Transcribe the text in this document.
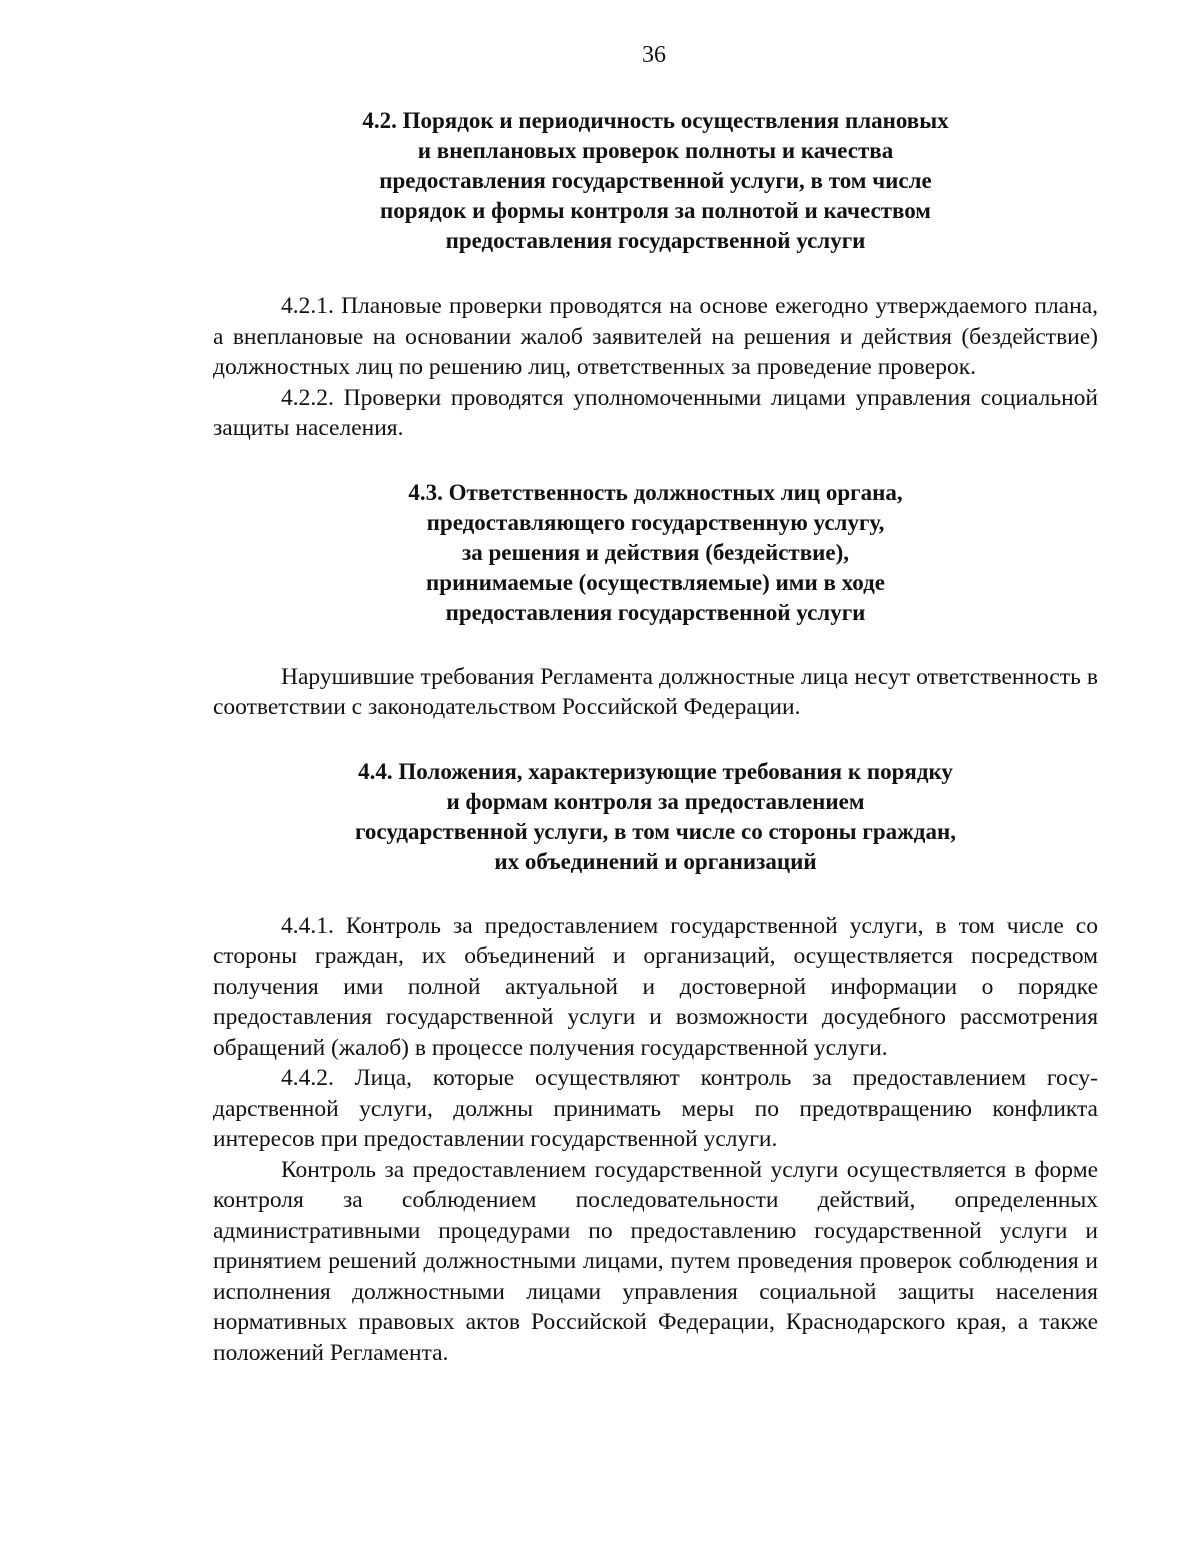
36
4.2. Порядок и периодичность осуществления плановых
и внеплановых проверок полноты и качества
предоставления государственной услуги, в том числе
порядок и формы контроля за полнотой и качеством
предоставления государственной услуги

4.2.1. Плановые проверки проводятся на основе ежегодно утверждаемого плана, а внеплановые на основании жалоб заявителей на решения и действия (бездействие) должностных лиц по решению лиц, ответственных за проведение проверок.

4.2.2. Проверки проводятся уполномоченными лицами управления социальной защиты населения.

4.3. Ответственность должностных лиц органа,
предоставляющего государственную услугу,
за решения и действия (бездействие),
принимаемые (осуществляемые) ими в ходе
предоставления государственной услуги

Нарушившие требования Регламента должностные лица несут ответственность в соответствии с законодательством Российской Федерации.

4.4. Положения, характеризующие требования к порядку
и формам контроля за предоставлением
государственной услуги, в том числе со стороны граждан,
их объединений и организаций

4.4.1. Контроль за предоставлением государственной услуги, в том числе со стороны граждан, их объединений и организаций, осуществляется посредством получения ими полной актуальной и достоверной информации о порядке предоставления государственной услуги и возможности досудебного рассмотрения обращений (жалоб) в процессе получения государственной услуги.

4.4.2. Лица, которые осуществляют контроль за предоставлением государственной услуги, должны принимать меры по предотвращению конфликта интересов при предоставлении государственной услуги.

Контроль за предоставлением государственной услуги осуществляется в форме контроля за соблюдением последовательности действий, определенных административными процедурами по предоставлению государственной услуги и принятием решений должностными лицами, путем проведения проверок соблюдения и исполнения должностными лицами управления социальной защиты населения нормативных правовых актов Российской Федерации, Краснодарского края, а также положений Регламента.
